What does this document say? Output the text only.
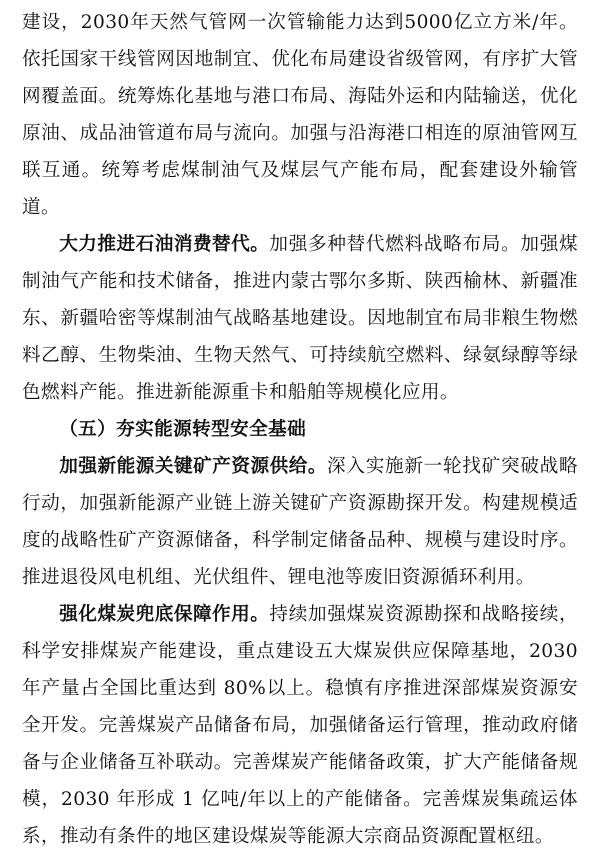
建设，2030年天然气管网一次管输能力达到5000亿立方米/年。依托国家干线管网因地制宜、优化布局建设省级管网，有序扩大管网覆盖面。统筹炼化基地与港口布局、海陆外运和内陆输送，优化原油、成品油管道布局与流向。加强与沿海港口相连的原油管网互联互通。统筹考虑煤制油气及煤层气产能布局，配套建设外输管道。

大力推进石油消费替代。加强多种替代燃料战略布局。加强煤制油气产能和技术储备，推进内蒙古鄂尔多斯、陕西榆林、新疆准东、新疆哈密等煤制油气战略基地建设。因地制宜布局非粮生物燃料乙醇、生物柴油、生物天然气、可持续航空燃料、绿氨绿醇等绿色燃料产能。推进新能源重卡和船舶等规模化应用。

（五）夯实能源转型安全基础

加强新能源关键矿产资源供给。深入实施新一轮找矿突破战略行动，加强新能源产业链上游关键矿产资源勘探开发。构建规模适度的战略性矿产资源储备，科学制定储备品种、规模与建设时序。推进退役风电机组、光伏组件、锂电池等废旧资源循环利用。

强化煤炭兜底保障作用。持续加强煤炭资源勘探和战略接续，科学安排煤炭产能建设，重点建设五大煤炭供应保障基地，2030 年产量占全国比重达到 80%以上。稳慎有序推进深部煤炭资源安全开发。完善煤炭产品储备布局，加强储备运行管理，推动政府储备与企业储备互补联动。完善煤炭产能储备政策，扩大产能储备规模，2030 年形成 1 亿吨/年以上的产能储备。完善煤炭集疏运体系，推动有条件的地区建设煤炭等能源大宗商品资源配置枢纽。
